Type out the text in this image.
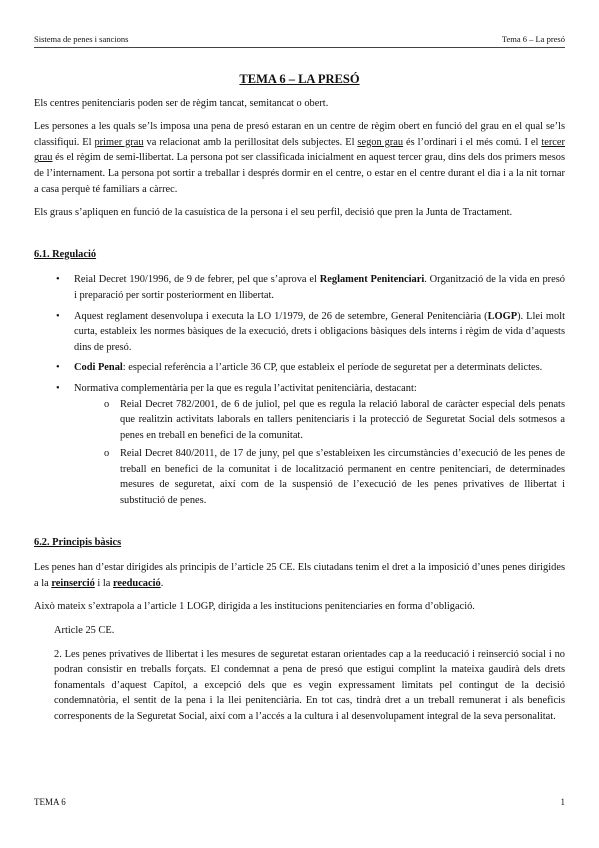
Sistema de penes i sancions	Tema 6 – La presó
TEMA 6 – LA PRESÓ

Els centres penitenciaris poden ser de règim tancat, semitancat o obert.

Les persones a les quals se’ls imposa una pena de presó estaran en un centre de règim obert en funció del grau en el qual se’ls classifiqui. El primer grau va relacionat amb la perillositat dels subjectes. El segon grau és l’ordinari i el més comú. I el tercer grau és el règim de semi-llibertat. La persona pot ser classificada inicialment en aquest tercer grau, dins dels dos primers mesos de l’internament. La persona pot sortir a treballar i després dormir en el centre, o estar en el centre durant el dia i a la nit tornar a casa perquè té familiars a càrrec.

Els graus s’apliquen en funció de la casuística de la persona i el seu perfil, decisió que pren la Junta de Tractament.

6.1. Regulació
• Reial Decret 190/1996, de 9 de febrer, pel que s’aprova el Reglament Penitenciari. Organització de la vida en presó i preparació per sortir posteriorment en llibertat.
• Aquest reglament desenvolupa i executa la LO 1/1979, de 26 de setembre, General Penitenciària (LOGP). Llei molt curta, estableix les normes bàsiques de la execució, drets i obligacions bàsiques dels interns i règim de vida d’aquests dins de presó.
• Codi Penal: especial referència a l’article 36 CP, que estableix el període de seguretat per a determinats delictes.
• Normativa complementària per la que es regula l’activitat penitenciària, destacant:
o Reial Decret 782/2001, de 6 de juliol, pel que es regula la relació laboral de caràcter especial dels penats que realitzin activitats laborals en tallers penitenciaris i la protecció de Seguretat Social dels sotmesos a penes en treball en benefici de la comunitat.
o Reial Decret 840/2011, de 17 de juny, pel que s’estableixen les circumstàncies d’execució de les penes de treball en benefici de la comunitat i de localització permanent en centre penitenciari, de determinades mesures de seguretat, així com de la suspensió de l’execució de les penes privatives de llibertat i substitució de penes.
6.2. Principis bàsics

Les penes han d’estar dirigides als principis de l’article 25 CE. Els ciutadans tenim el dret a la imposició d’unes penes dirigides a la reinserció i la reeducació.

Això mateix s’extrapola a l’article 1 LOGP, dirigida a les institucions penitenciaries en forma d’obligació.

Article 25 CE.

2. Les penes privatives de llibertat i les mesures de seguretat estaran orientades cap a la reeducació i reinserció social i no podran consistir en treballs forçats. El condemnat a pena de presó que estigui complint la mateixa gaudirà dels drets fonamentals d’aquest Capítol, a excepció dels que es vegin expressament limitats pel contingut de la decisió condemnatòria, el sentit de la pena i la llei penitenciària. En tot cas, tindrà dret a un treball remunerat i als beneficis corresponents de la Seguretat Social, així com a l’accés a la cultura i al desenvolupament integral de la seva personalitat.

TEMA 6	1
